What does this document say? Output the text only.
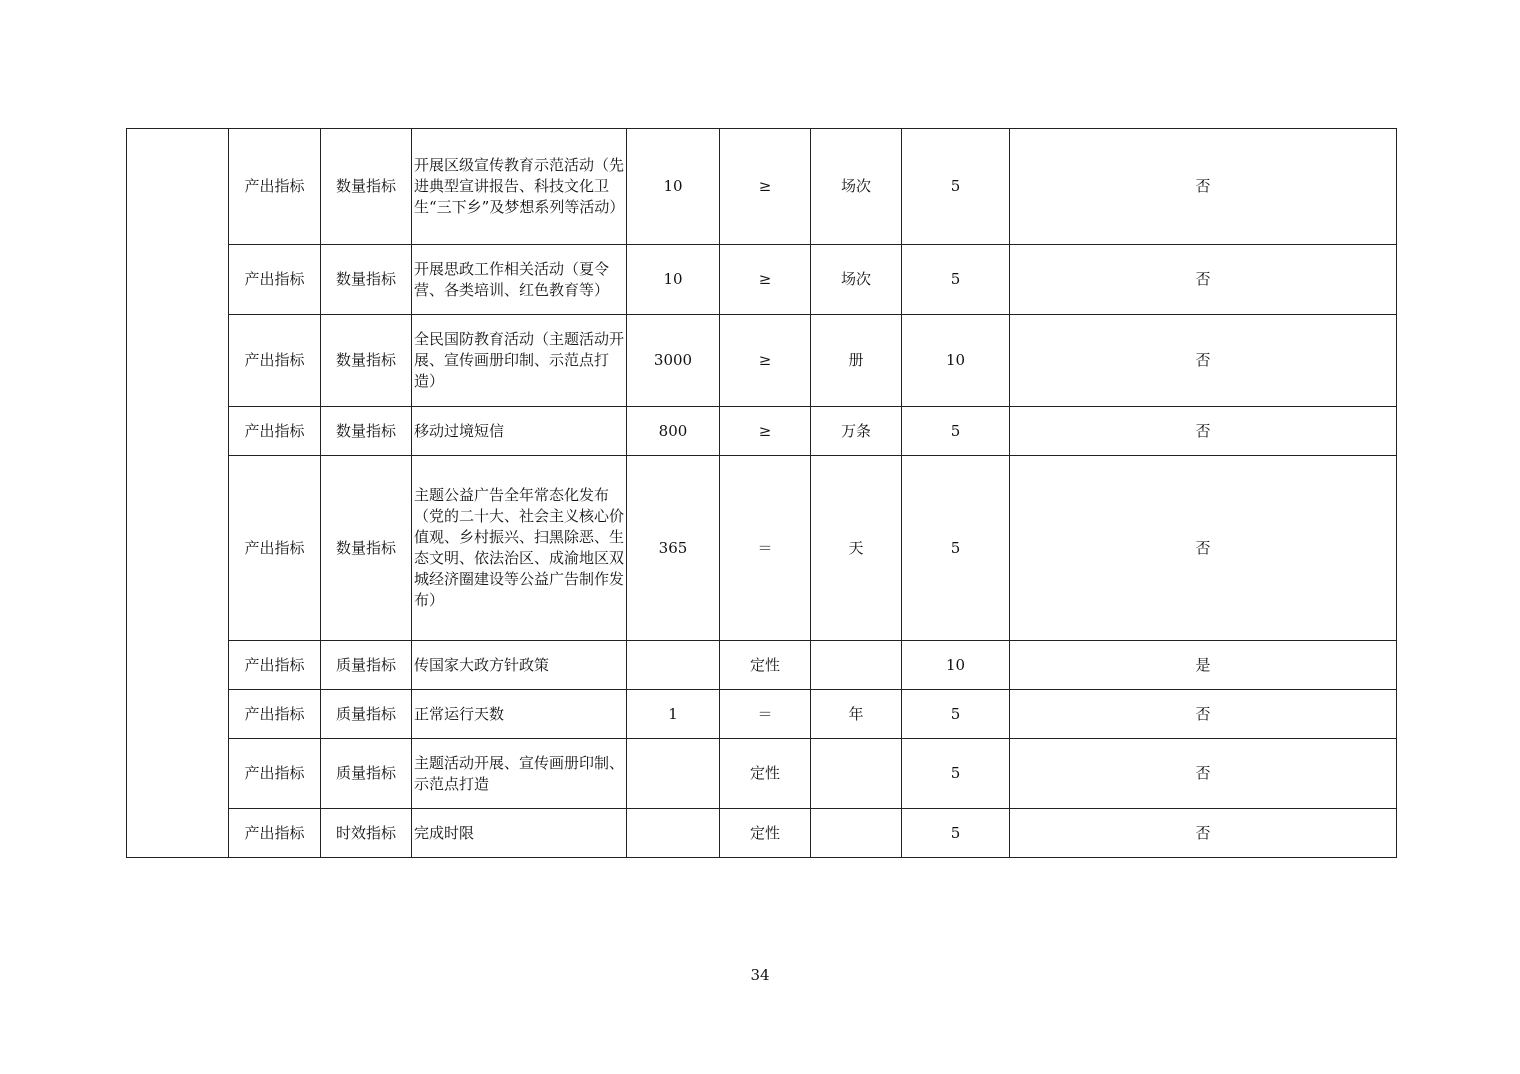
	产出指标	数量指标	开展区级宣传教育示范活动（先进典型宣讲报告、科技文化卫生“三下乡”及梦想系列等活动）	10	≥	场次	5	否
	产出指标	数量指标	开展思政工作相关活动（夏令营、各类培训、红色教育等）	10	≥	场次	5	否
	产出指标	数量指标	全民国防教育活动（主题活动开展、宣传画册印制、示范点打造）	3000	≥	册	10	否
	产出指标	数量指标	移动过境短信	800	≥	万条	5	否
	产出指标	数量指标	主题公益广告全年常态化发布（党的二十大、社会主义核心价值观、乡村振兴、扫黑除恶、生态文明、依法治区、成渝地区双城经济圈建设等公益广告制作发布）	365	＝	天	5	否
	产出指标	质量指标	传国家大政方针政策		定性		10	是
	产出指标	质量指标	正常运行天数	1	＝	年	5	否
	产出指标	质量指标	主题活动开展、宣传画册印制、示范点打造		定性		5	否
	产出指标	时效指标	完成时限		定性		5	否
34
